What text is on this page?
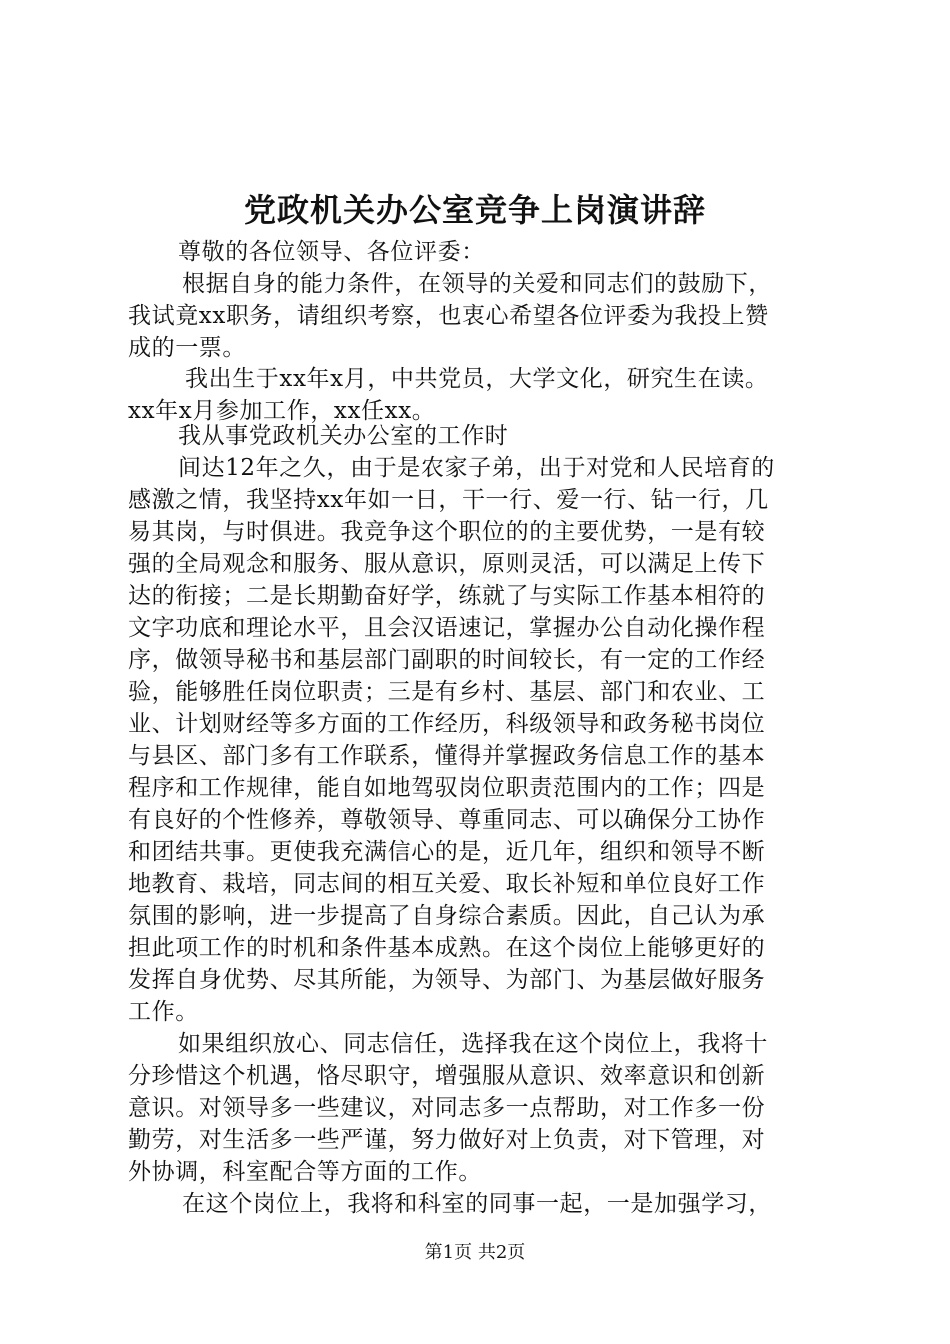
党政机关办公室竞争上岗演讲辞
尊敬的各位领导、各位评委：
根据自身的能力条件，在领导的关爱和同志们的鼓励下，
我试竟xx职务，请组织考察，也衷心希望各位评委为我投上赞
成的一票。
我出生于xx年x月，中共党员，大学文化，研究生在读。
xx年x月参加工作，xx任xx。
我从事党政机关办公室的工作时
间达12年之久，由于是农家子弟，出于对党和人民培育的
感激之情，我坚持xx年如一日，干一行、爱一行、钻一行，几
易其岗，与时俱进。我竞争这个职位的的主要优势，一是有较
强的全局观念和服务、服从意识，原则灵活，可以满足上传下
达的衔接；二是长期勤奋好学，练就了与实际工作基本相符的
文字功底和理论水平，且会汉语速记，掌握办公自动化操作程
序，做领导秘书和基层部门副职的时间较长，有一定的工作经
验，能够胜任岗位职责；三是有乡村、基层、部门和农业、工
业、计划财经等多方面的工作经历，科级领导和政务秘书岗位
与县区、部门多有工作联系，懂得并掌握政务信息工作的基本
程序和工作规律，能自如地驾驭岗位职责范围内的工作；四是
有良好的个性修养，尊敬领导、尊重同志、可以确保分工协作
和团结共事。更使我充满信心的是，近几年，组织和领导不断
地教育、栽培，同志间的相互关爱、取长补短和单位良好工作
氛围的影响，进一步提高了自身综合素质。因此，自己认为承
担此项工作的时机和条件基本成熟。在这个岗位上能够更好的
发挥自身优势、尽其所能，为领导、为部门、为基层做好服务
工作。
如果组织放心、同志信任，选择我在这个岗位上，我将十
分珍惜这个机遇，恪尽职守，增强服从意识、效率意识和创新
意识。对领导多一些建议，对同志多一点帮助，对工作多一份
勤劳，对生活多一些严谨，努力做好对上负责，对下管理，对
外协调，科室配合等方面的工作。
在这个岗位上，我将和科室的同事一起，一是加强学习，
第1页 共2页
